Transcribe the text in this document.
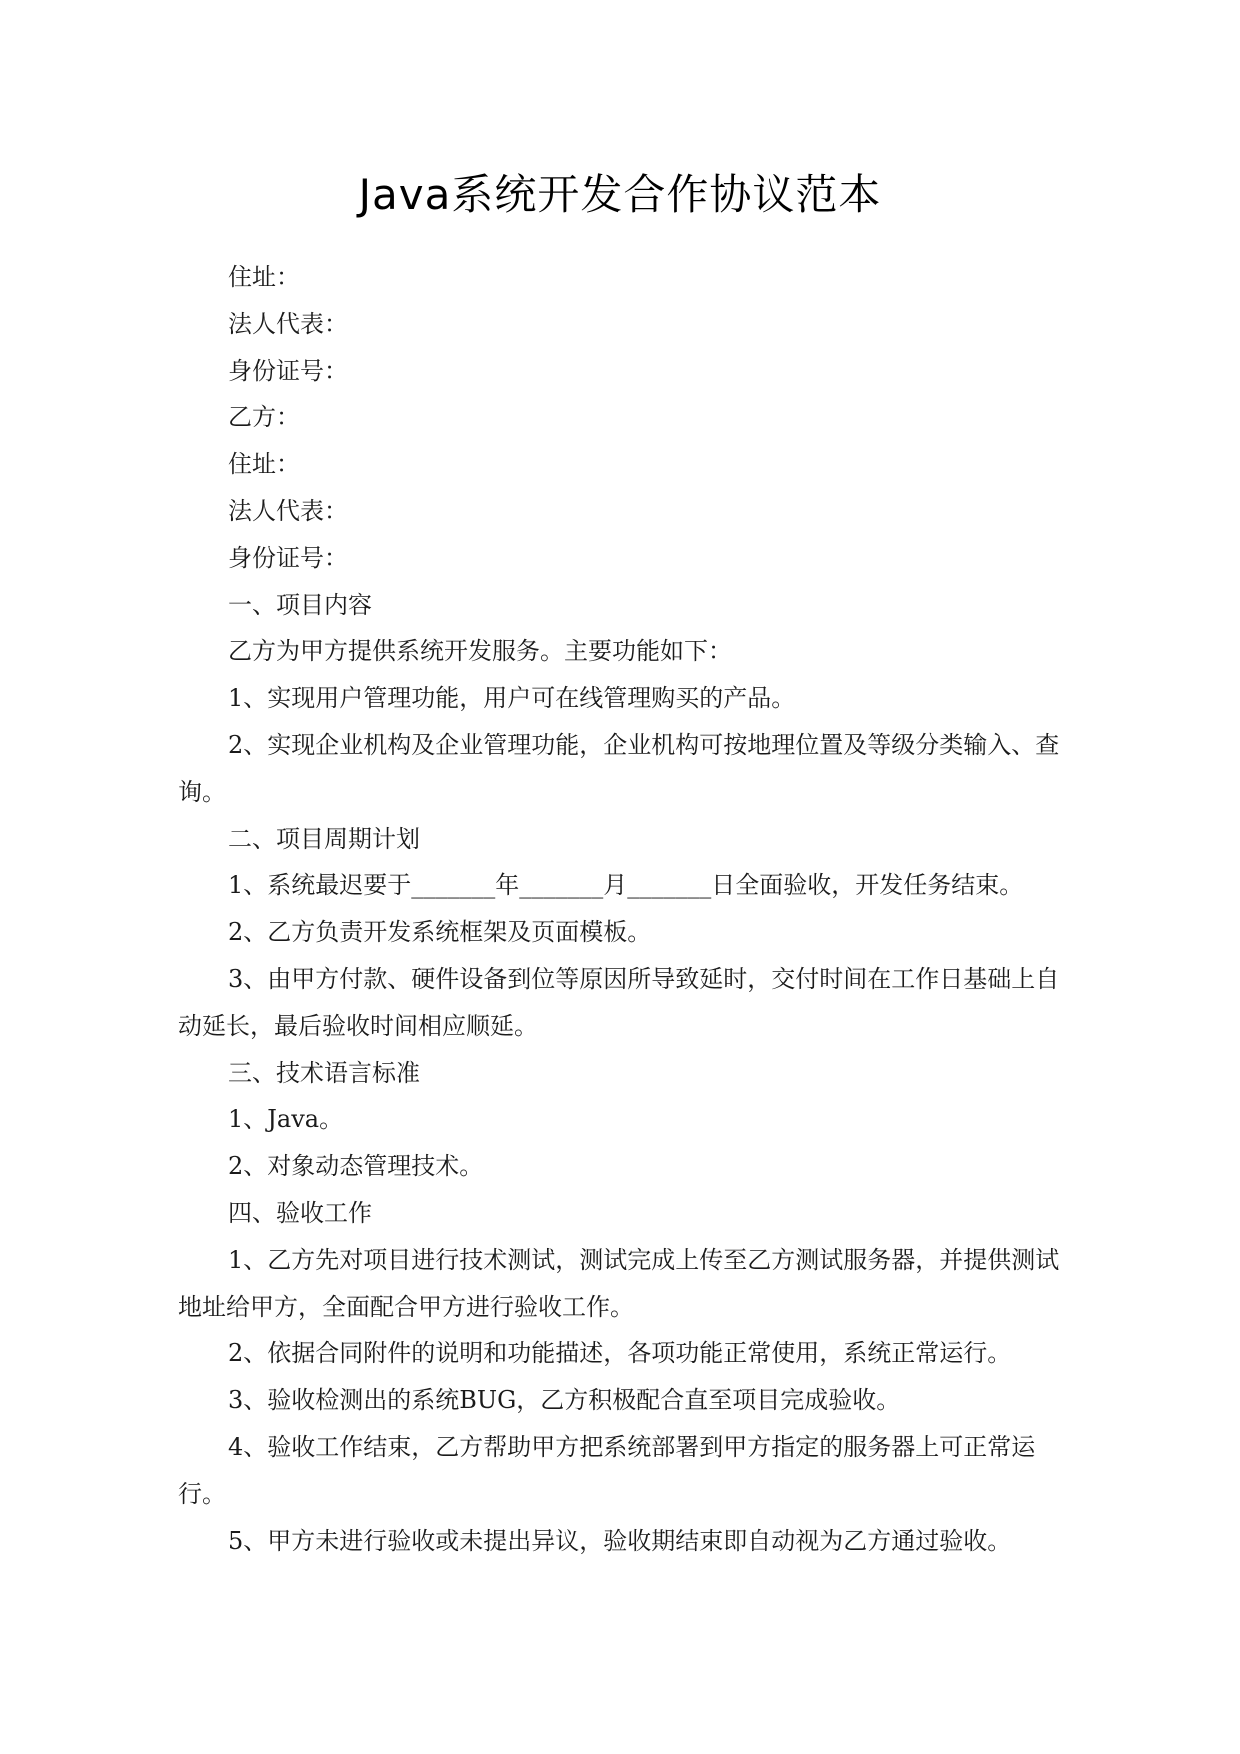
Java系统开发合作协议范本

住址：

法人代表：

身份证号：

乙方：

住址：

法人代表：

身份证号：

一、项目内容

乙方为甲方提供系统开发服务。主要功能如下：

1、实现用户管理功能，用户可在线管理购买的产品。

2、实现企业机构及企业管理功能，企业机构可按地理位置及等级分类输入、查询。

二、项目周期计划

1、系统最迟要于_______年_______月_______日全面验收，开发任务结束。

2、乙方负责开发系统框架及页面模板。

3、由甲方付款、硬件设备到位等原因所导致延时，交付时间在工作日基础上自动延长，最后验收时间相应顺延。

三、技术语言标准

1、Java。

2、对象动态管理技术。

四、验收工作

1、乙方先对项目进行技术测试，测试完成上传至乙方测试服务器，并提供测试地址给甲方，全面配合甲方进行验收工作。

2、依据合同附件的说明和功能描述，各项功能正常使用，系统正常运行。

3、验收检测出的系统BUG，乙方积极配合直至项目完成验收。

4、验收工作结束，乙方帮助甲方把系统部署到甲方指定的服务器上可正常运行。

5、甲方未进行验收或未提出异议，验收期结束即自动视为乙方通过验收。
